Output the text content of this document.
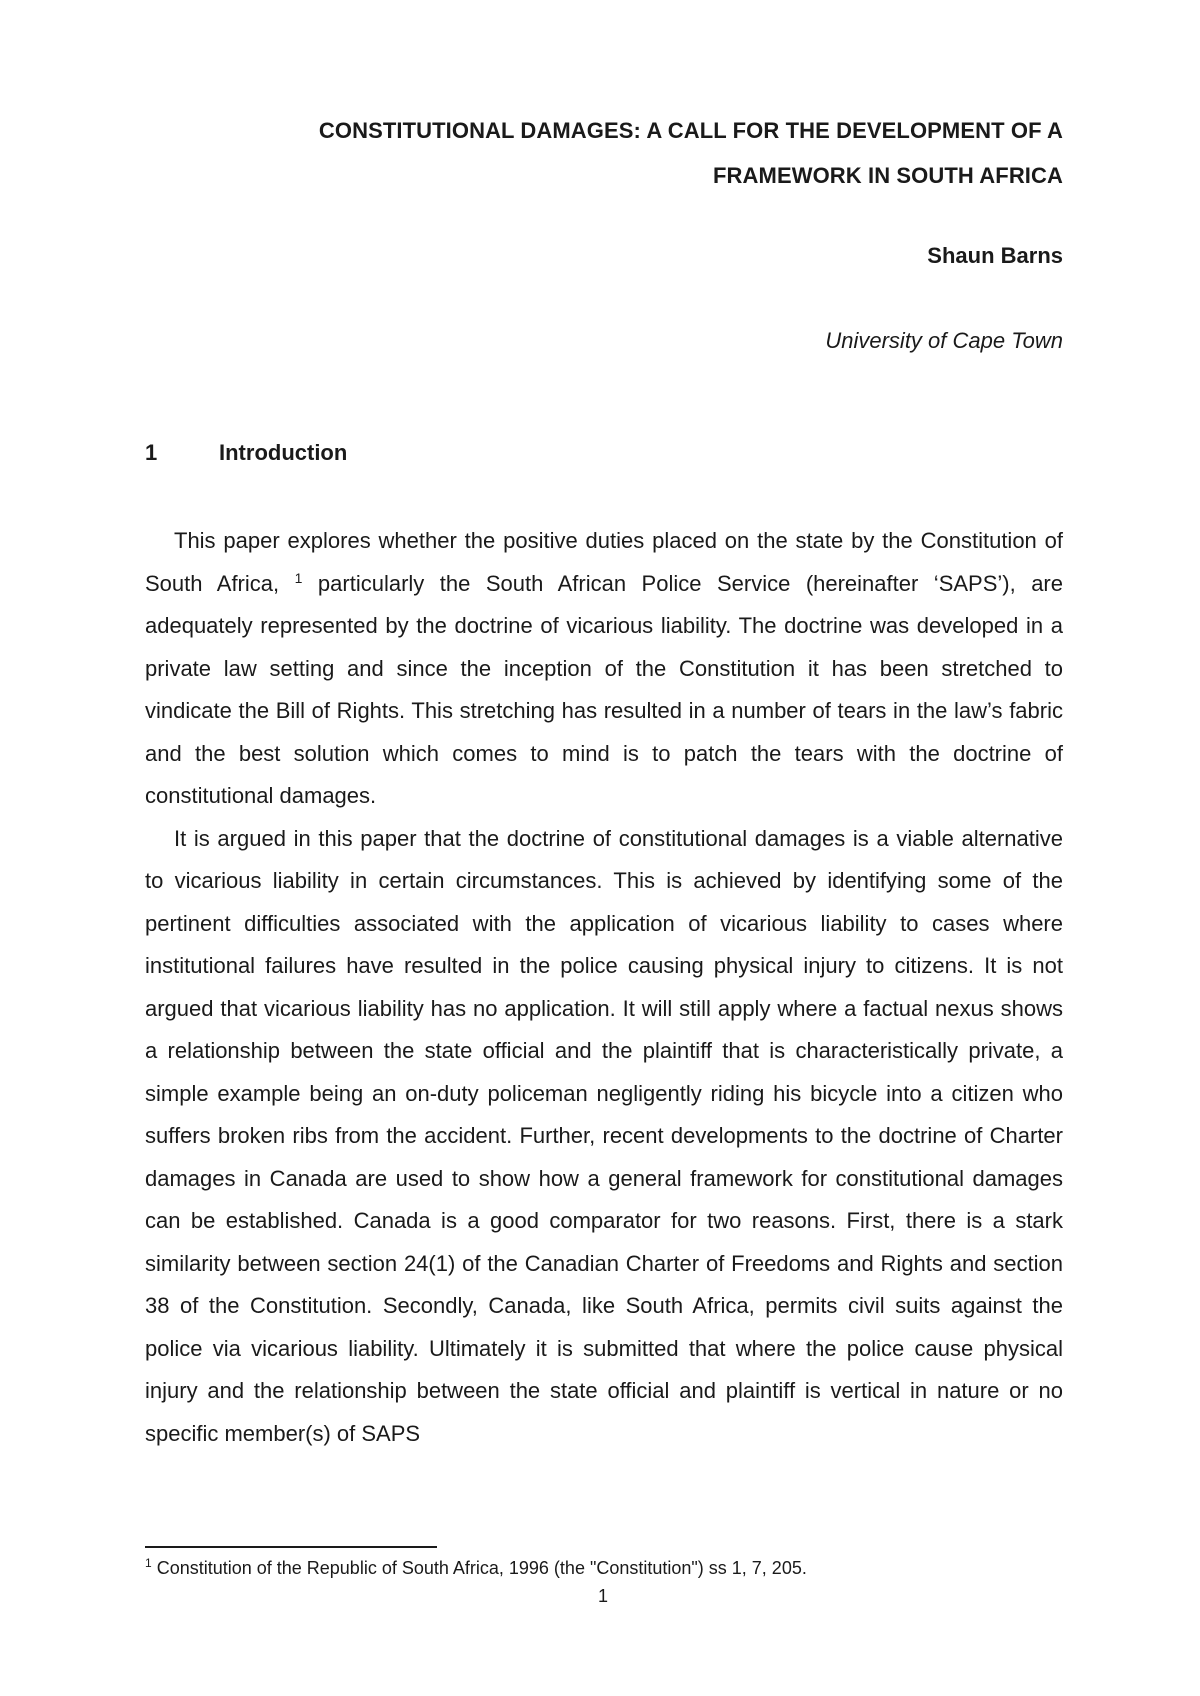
CONSTITUTIONAL DAMAGES: A CALL FOR THE DEVELOPMENT OF A
FRAMEWORK IN SOUTH AFRICA
Shaun Barns
University of Cape Town
1	Introduction

This paper explores whether the positive duties placed on the state by the Constitution of South Africa, $^1$ particularly the South African Police Service (hereinafter ‘SAPS’), are adequately represented by the doctrine of vicarious liability. The doctrine was developed in a private law setting and since the inception of the Constitution it has been stretched to vindicate the Bill of Rights. This stretching has resulted in a number of tears in the law’s fabric and the best solution which comes to mind is to patch the tears with the doctrine of constitutional damages.

It is argued in this paper that the doctrine of constitutional damages is a viable alternative to vicarious liability in certain circumstances. This is achieved by identifying some of the pertinent difficulties associated with the application of vicarious liability to cases where institutional failures have resulted in the police causing physical injury to citizens. It is not argued that vicarious liability has no application. It will still apply where a factual nexus shows a relationship between the state official and the plaintiff that is characteristically private, a simple example being an on-duty policeman negligently riding his bicycle into a citizen who suffers broken ribs from the accident. Further, recent developments to the doctrine of Charter damages in Canada are used to show how a general framework for constitutional damages can be established. Canada is a good comparator for two reasons. First, there is a stark similarity between section 24(1) of the Canadian Charter of Freedoms and Rights and section 38 of the Constitution. Secondly, Canada, like South Africa, permits civil suits against the police via vicarious liability. Ultimately it is submitted that where the police cause physical injury and the relationship between the state official and plaintiff is vertical in nature or no specific member(s) of SAPS

$^1$ Constitution of the Republic of South Africa, 1996 (the "Constitution") ss 1, 7, 205.
1
